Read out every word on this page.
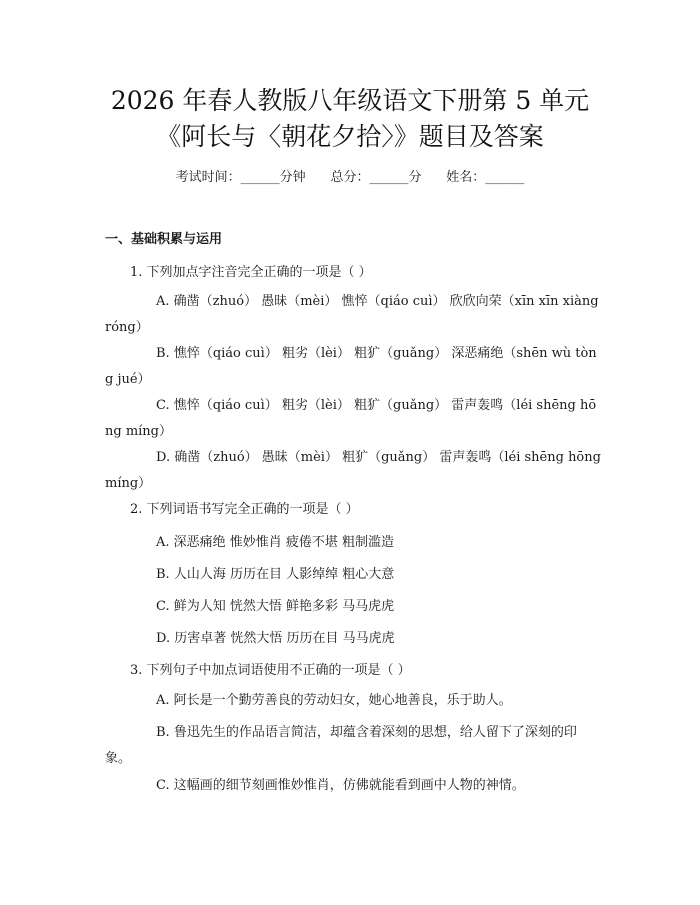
2026 年春人教版八年级语文下册第 5 单元
《阿长与〈朝花夕拾〉》题目及答案
考试时间：______分钟 总分：______分 姓名：______
一、基础积累与运用
1. 下列加点字注音完全正确的一项是（ ）
A. 确凿（zhuó） 愚昧（mèi） 憔悴（qiáo cuì） 欣欣向荣（xīn xīn xiàng róng）
B. 憔悴（qiáo cuì） 粗劣（lèi） 粗犷（guǎng） 深恶痛绝（shēn wù tòng jué）
C. 憔悴（qiáo cuì） 粗劣（lèi） 粗犷（guǎng） 雷声轰鸣（léi shēng hōng míng）
D. 确凿（zhuó） 愚昧（mèi） 粗犷（guǎng） 雷声轰鸣（léi shēng hōng míng）
2. 下列词语书写完全正确的一项是（ ）
A. 深恶痛绝 惟妙惟肖 疲倦不堪 粗制滥造
B. 人山人海 历历在目 人影绰绰 粗心大意
C. 鲜为人知 恍然大悟 鲜艳多彩 马马虎虎
D. 历害卓著 恍然大悟 历历在目 马马虎虎
3. 下列句子中加点词语使用不正确的一项是（ ）
A. 阿长是一个勤劳善良的劳动妇女，她心地善良，乐于助人。
B. 鲁迅先生的作品语言简洁，却蕴含着深刻的思想，给人留下了深刻的印象。
C. 这幅画的细节刻画惟妙惟肖，仿佛就能看到画中人物的神情。
